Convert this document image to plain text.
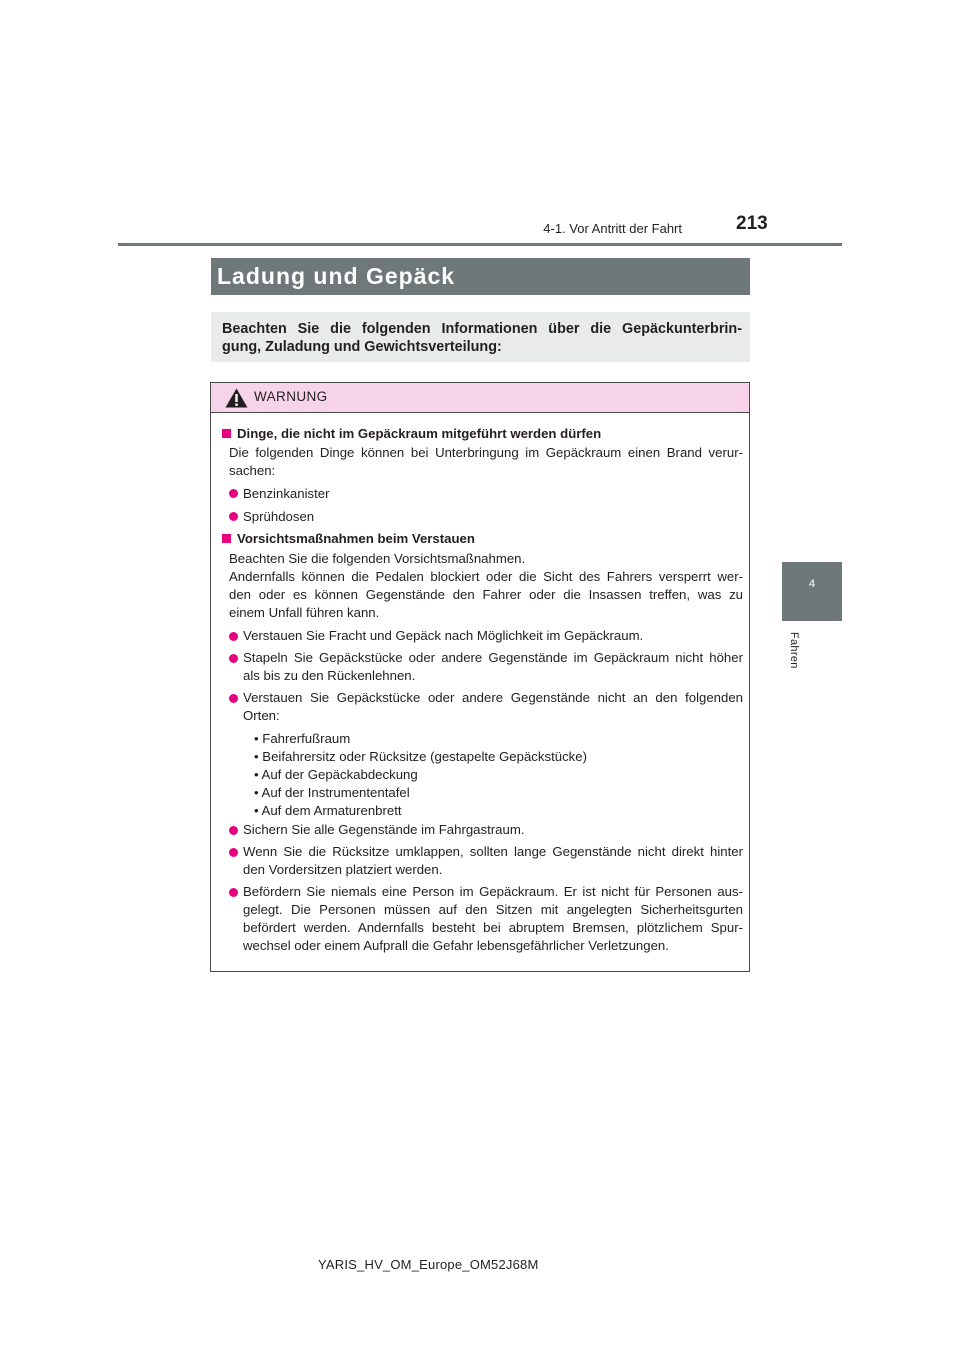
4-1. Vor Antritt der Fahrt	213
4
Fahren
Ladung und Gepäck
Beachten Sie die folgenden Informationen über die Gepäckunterbrin-
gung, Zuladung und Gewichtsverteilung:
WARNUNG
Dinge, die nicht im Gepäckraum mitgeführt werden dürfen
Die folgenden Dinge können bei Unterbringung im Gepäckraum einen Brand verur-
sachen:
Benzinkanister
Sprühdosen
Vorsichtsmaßnahmen beim Verstauen
Beachten Sie die folgenden Vorsichtsmaßnahmen.
Andernfalls können die Pedalen blockiert oder die Sicht des Fahrers versperrt wer-
den oder es können Gegenstände den Fahrer oder die Insassen treffen, was zu
einem Unfall führen kann.
Verstauen Sie Fracht und Gepäck nach Möglichkeit im Gepäckraum.
Stapeln Sie Gepäckstücke oder andere Gegenstände im Gepäckraum nicht höher
als bis zu den Rückenlehnen.
Verstauen Sie Gepäckstücke oder andere Gegenstände nicht an den folgenden
Orten:
• Fahrerfußraum
• Beifahrersitz oder Rücksitze (gestapelte Gepäckstücke)
• Auf der Gepäckabdeckung
• Auf der Instrumententafel
• Auf dem Armaturenbrett
Sichern Sie alle Gegenstände im Fahrgastraum.
Wenn Sie die Rücksitze umklappen, sollten lange Gegenstände nicht direkt hinter
den Vordersitzen platziert werden.
Befördern Sie niemals eine Person im Gepäckraum. Er ist nicht für Personen aus-
gelegt. Die Personen müssen auf den Sitzen mit angelegten Sicherheitsgurten
befördert werden. Andernfalls besteht bei abruptem Bremsen, plötzlichem Spur-
wechsel oder einem Aufprall die Gefahr lebensgefährlicher Verletzungen.
YARIS_HV_OM_Europe_OM52J68M
